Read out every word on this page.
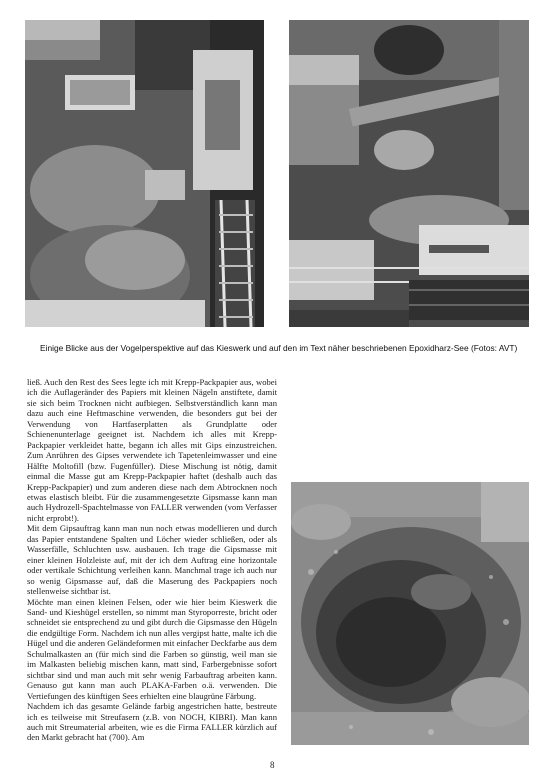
Einige Blicke aus der Vogelperspektive auf das Kieswerk und auf den im Text näher beschriebenen Epoxidharz-See (Fotos: AVT)

ließ. Auch den Rest des Sees legte ich mit Krepp-Packpapier aus, wobei ich die Auflageränder des Papiers mit kleinen Nägeln anstiftete, damit sie sich beim Trocknen nicht aufbiegen. Selbstverständlich kann man dazu auch eine Heftmaschine verwenden, die besonders gut bei der Verwendung von Hartfaserplatten als Grundplatte oder Schienenunterlage geeignet ist. Nachdem ich alles mit Krepp-Packpapier verkleidet hatte, begann ich alles mit Gips einzustreichen. Zum Anrühren des Gipses verwendete ich Tapetenleimwasser und eine Hälfte Moltofill (bzw. Fugenfüller). Diese Mischung ist nötig, damit einmal die Masse gut am Krepp-Packpapier haftet (deshalb auch das Krepp-Packpapier) und zum anderen diese nach dem Abtrocknen noch etwas elastisch bleibt. Für die zusammengesetzte Gipsmasse kann man auch Hydrozell-Spachtelmasse von FALLER verwenden (vom Verfasser nicht erprobt!).

Mit dem Gipsauftrag kann man nun noch etwas modellieren und durch das Papier entstandene Spalten und Löcher wieder schließen, oder als Wasserfälle, Schluchten usw. ausbauen. Ich trage die Gipsmasse mit einer kleinen Holzleiste auf, mit der ich dem Auftrag eine horizontale oder vertikale Schichtung verleihen kann. Manchmal trage ich auch nur so wenig Gipsmasse auf, daß die Maserung des Packpapiers noch stellenweise sichtbar ist.

Möchte man einen kleinen Felsen, oder wie hier beim Kieswerk die Sand- und Kieshügel erstellen, so nimmt man Styroporreste, bricht oder schneidet sie entsprechend zu und gibt durch die Gipsmasse den Hügeln die endgültige Form. Nachdem ich nun alles vergipst hatte, malte ich die Hügel und die anderen Geländeformen mit einfacher Deckfarbe aus dem Schulmalkasten an (für mich sind die Farben so günstig, weil man sie im Malkasten beliebig mischen kann, matt sind, Farbergebnisse sofort sichtbar sind und man auch mit sehr wenig Farbauftrag arbeiten kann. Genauso gut kann man auch PLAKA-Farben o.ä. verwenden. Die Vertiefungen des künftigen Sees erhielten eine blaugrüne Färbung.

Nachdem ich das gesamte Gelände farbig angestrichen hatte, bestreute ich es teilweise mit Streufasern (z.B. von NOCH, KIBRI). Man kann auch mit Streumaterial arbeiten, wie es die Firma FALLER kürzlich auf den Markt gebracht hat (700). Am

8
